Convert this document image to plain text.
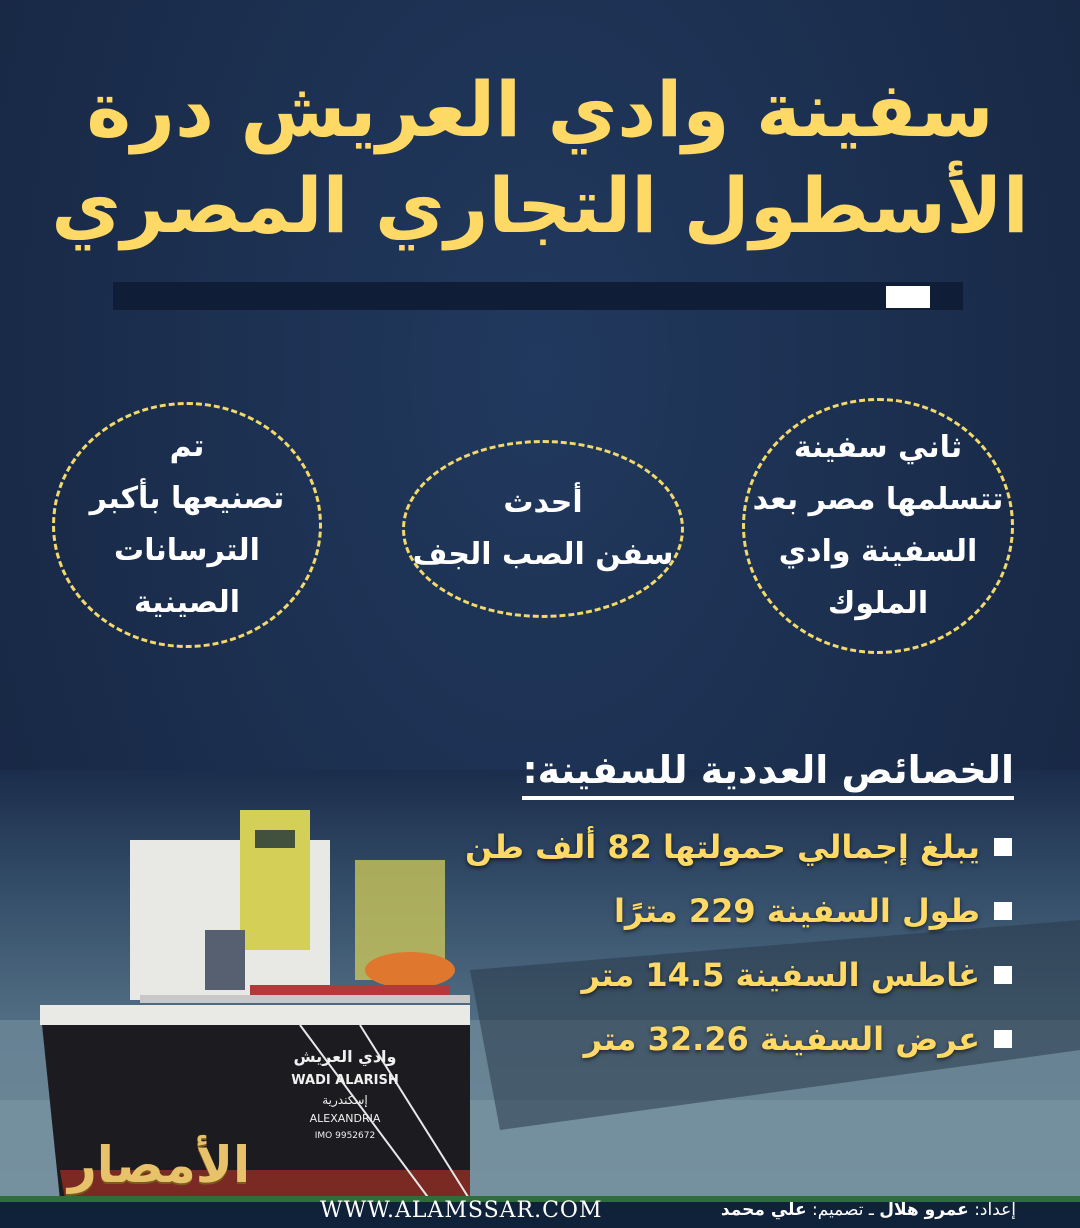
سفينة وادي العريش درة
الأسطول التجاري المصري
ثاني سفينة
تتسلمها مصر بعد
السفينة وادي
الملوك
أحدث
سفن الصب الجف
تم
تصنيعها بأكبر
الترسانات
الصينية
وادي العريش
WADI ALARISH
إسكندرية
ALEXANDRIA
IMO 9952672
الخصائص العددية للسفينة:
يبلغ إجمالي حمولتها 82 ألف طن
طول السفينة 229 مترًا
غاطس السفينة 14.5 متر
عرض السفينة 32.26 متر
الأمصار
WWW.ALAMSSAR.COM	إعداد: عمرو هلال ـ تصميم: علي محمد
